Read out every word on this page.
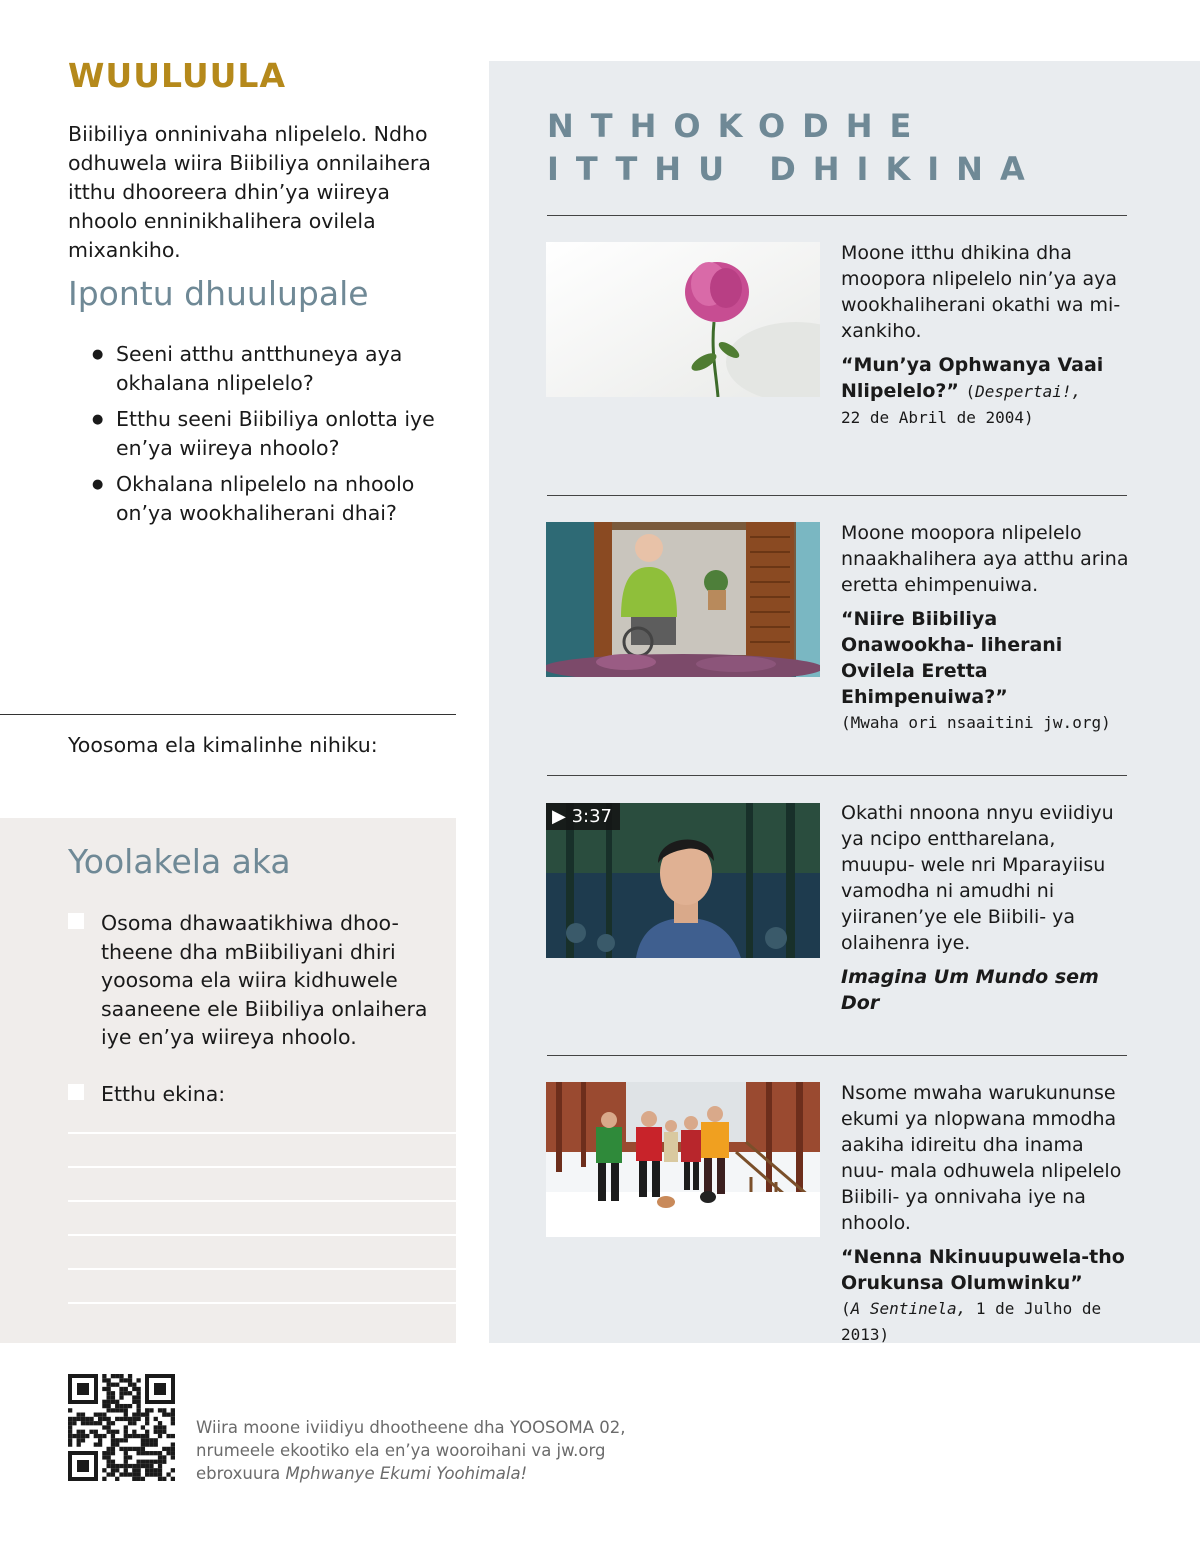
WUULUULA
Biibiliya onninivaha nlipelelo. Ndho odhuwela wiira Biibiliya onnilaihera itthu dhooreera dhin’ya wiireya nhoolo enninikhalihera ovilela mixankiho.
Ipontu dhuulupale
● Seeni atthu antthuneya aya okhalana nlipelelo?
● Etthu seeni Biibiliya onlotta iye en’ya wiireya nhoolo?
● Okhalana nlipelelo na nhoolo on’ya wookhaliherani dhai?
Yoosoma ela kimalinhe nihiku:
Yoolakela aka
Osoma dhawaatikhiwa dhoo- theene dha mBiibiliyani dhiri yoosoma ela wiira kidhuwele saaneene ele Biibiliya onlaihera iye en’ya wiireya nhoolo.
Etthu ekina:
NTHOKODHE
ITTHU DHIKINA
Moone itthu dhikina dha moopora nlipelelo nin’ya aya wookhaliherani okathi wa mi- xankiho.
“Mun’ya Ophwanya Vaai Nlipelelo?” (Despertai!,
22 de Abril de 2004)
Moone moopora nlipelelo nnaakhalihera aya atthu arina eretta ehimpenuiwa.
“Niire Biibiliya Onawookha- liherani Ovilela Eretta Ehimpenuiwa?”
(Mwaha ori nsaaitini jw.org)
▶ 3:37	Okathi nnoona nnyu eviidiyu ya ncipo enttharelana, muupu- wele nri Mparayiisu vamodha ni amudhi ni yiiranen’ye ele Biibili- ya olaihenra iye.
Imagina Um Mundo sem Dor
Nsome mwaha warukununse ekumi ya nlopwana mmodha aakiha idireitu dha inama nuu- mala odhuwela nlipelelo Biibili- ya onnivaha iye na nhoolo.
“Nenna Nkinuupuwela-tho Orukunsa Olumwinku”
(A Sentinela, 1 de Julho de 2013)
Wiira moone iviidiyu dhootheene dha YOOSOMA 02,
nrumeele ekootiko ela en’ya wooroihani va jw.org
ebroxuura Mphwanye Ekumi Yoohimala!
